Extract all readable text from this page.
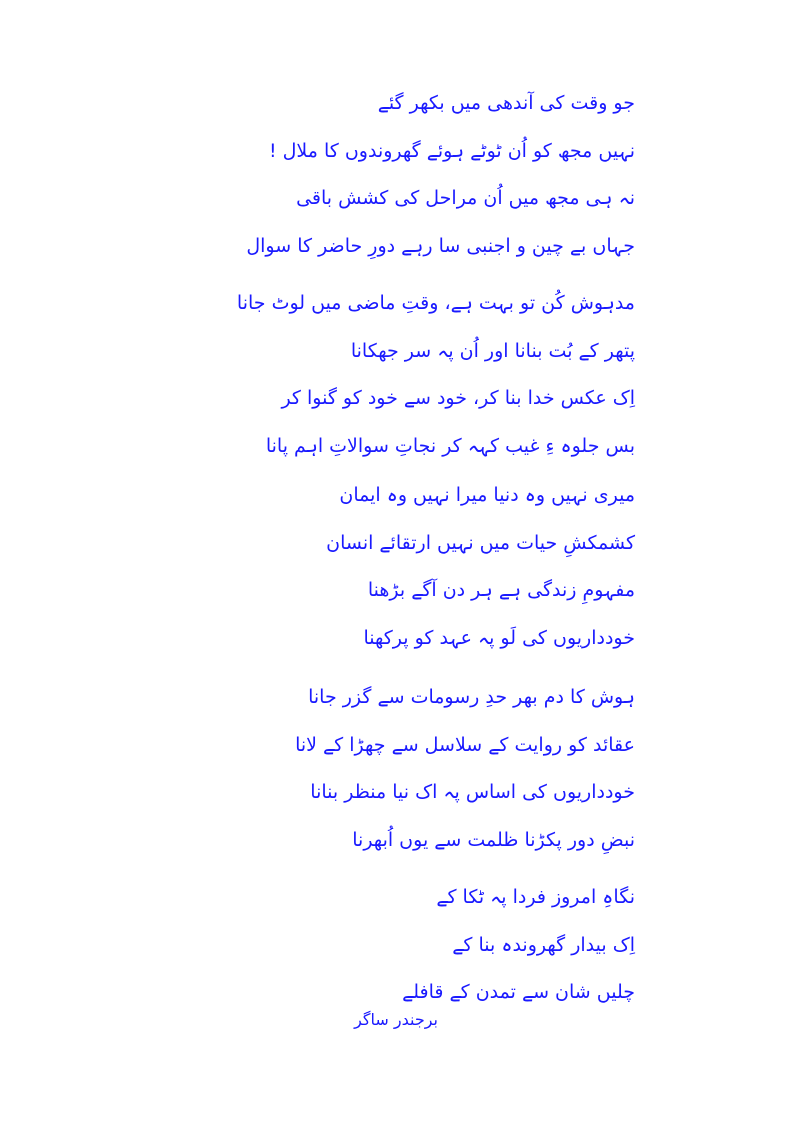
جو وقت کی آندھی میں بکھر گئے
نہیں مجھ کو اُن ٹوٹے ہوئے گھروندوں کا ملال !
نہ ہی مجھ میں اُن مراحل کی کشش باقی
جہاں بے چین و اجنبی سا رہے دورِ حاضر کا سوال
مدہوش کُن تو بہت ہے، وقتِ ماضی میں لوٹ جانا
پتھر کے بُت بنانا اور اُن پہ سر جھکانا
اِک عکس خدا بنا کر، خود سے خود کو گنوا کر
بس جلوہ ءِ غیب کہہ کر نجاتِ سوالاتِ اہم پانا
میری نہیں وہ دنیا میرا نہیں وہ ایمان
کشمکشِ حیات میں نہیں ارتقائے انسان
مفہومِ زندگی ہے ہر دن آگے بڑھنا
خودداریوں کی لَو پہ عہد کو پرکھنا
ہوش کا دم بھر حدِ رسومات سے گزر جانا
عقائد کو روایت کے سلاسل سے چھڑا کے لانا
خودداریوں کی اساس پہ اک نیا منظر بنانا
نبضِ دور پکڑنا ظلمت سے یوں اُبھرنا
نگاہِ امروز فردا پہ ٹکا کے
اِک بیدار گھروندہ بنا کے
چلیں شان سے تمدن کے قافلے
برجندر ساگر
